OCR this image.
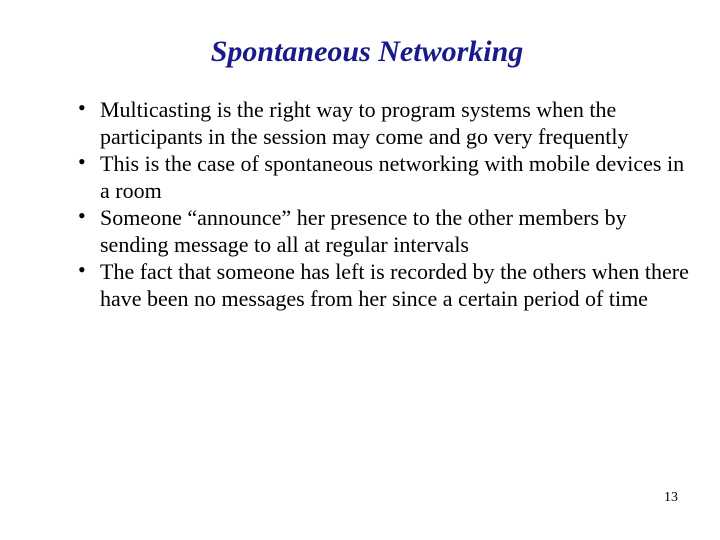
Spontaneous Networking
• Multicasting is the right way to program systems when the participants in the session may come and go very frequently
• This is the case of spontaneous networking with mobile devices in a room
• Someone “announce” her presence to the other members by sending message to all at regular intervals
• The fact that someone has left is recorded by the others when there have been no messages from her since a certain period of time
13
